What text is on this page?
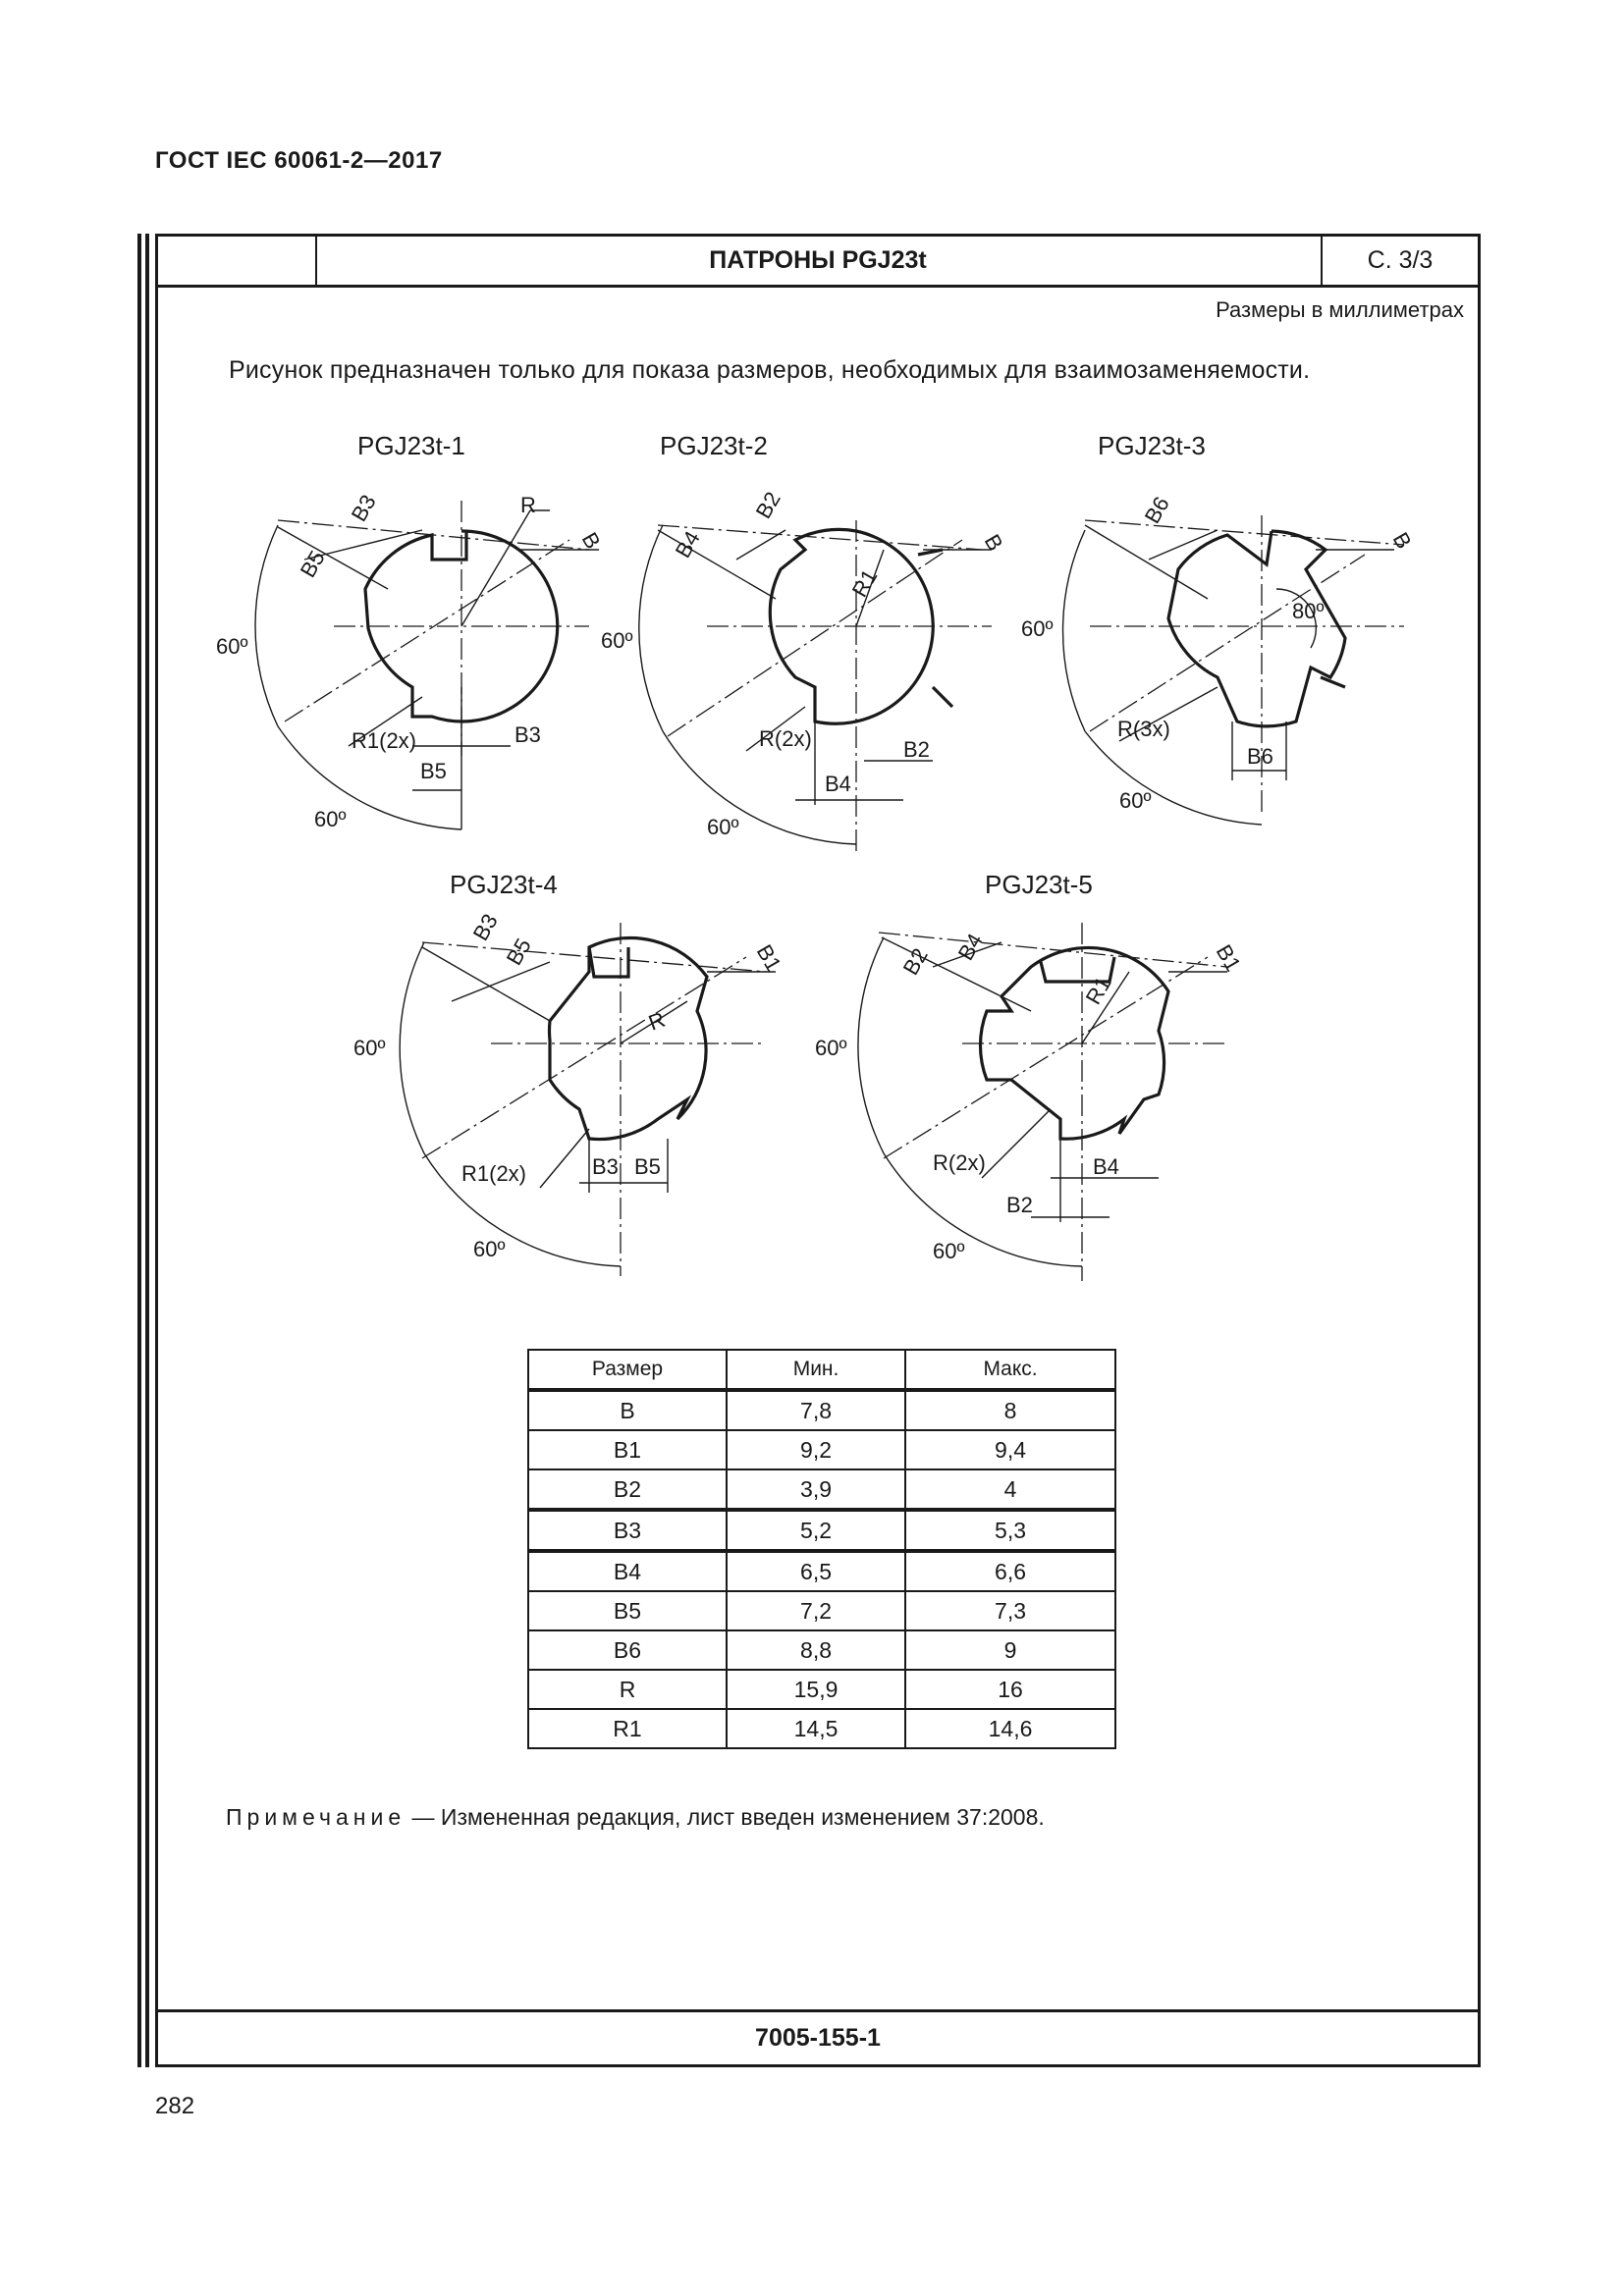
ГОСТ IEC 60061-2—2017
ПАТРОНЫ PGJ23t	С. 3/3
Размеры в миллиметрах
Рисунок предназначен только для показа размеров, необходимых для взаимозаменяемости.
7005-155-1
PGJ23t-1
B3
B5
R
B
60º
R1(2x)	B3
B5
60º
PGJ23t-2
B4
B2
R1
B
60º
R(2x)	B2
B4
60º
PGJ23t-3
B6
B
80º
60º
R(3x)
B6
60º
PGJ23t-4
B3
B5	B1
R
60º
R1(2x)	B3 B5
60º
PGJ23t-5
B2 B4
R1
B1
60º
R(2x)	B4
B2
60º
Размер	Мин.	Макс.
B	7,8	8
B1	9,2	9,4
B2	3,9	4
B3	5,2	5,3
B4	6,5	6,6
B5	7,2	7,3
B6	8,8	9
R	15,9	16
R1	14,5	14,6
Примечание — Измененная редакция, лист введен изменением 37:2008.
282
